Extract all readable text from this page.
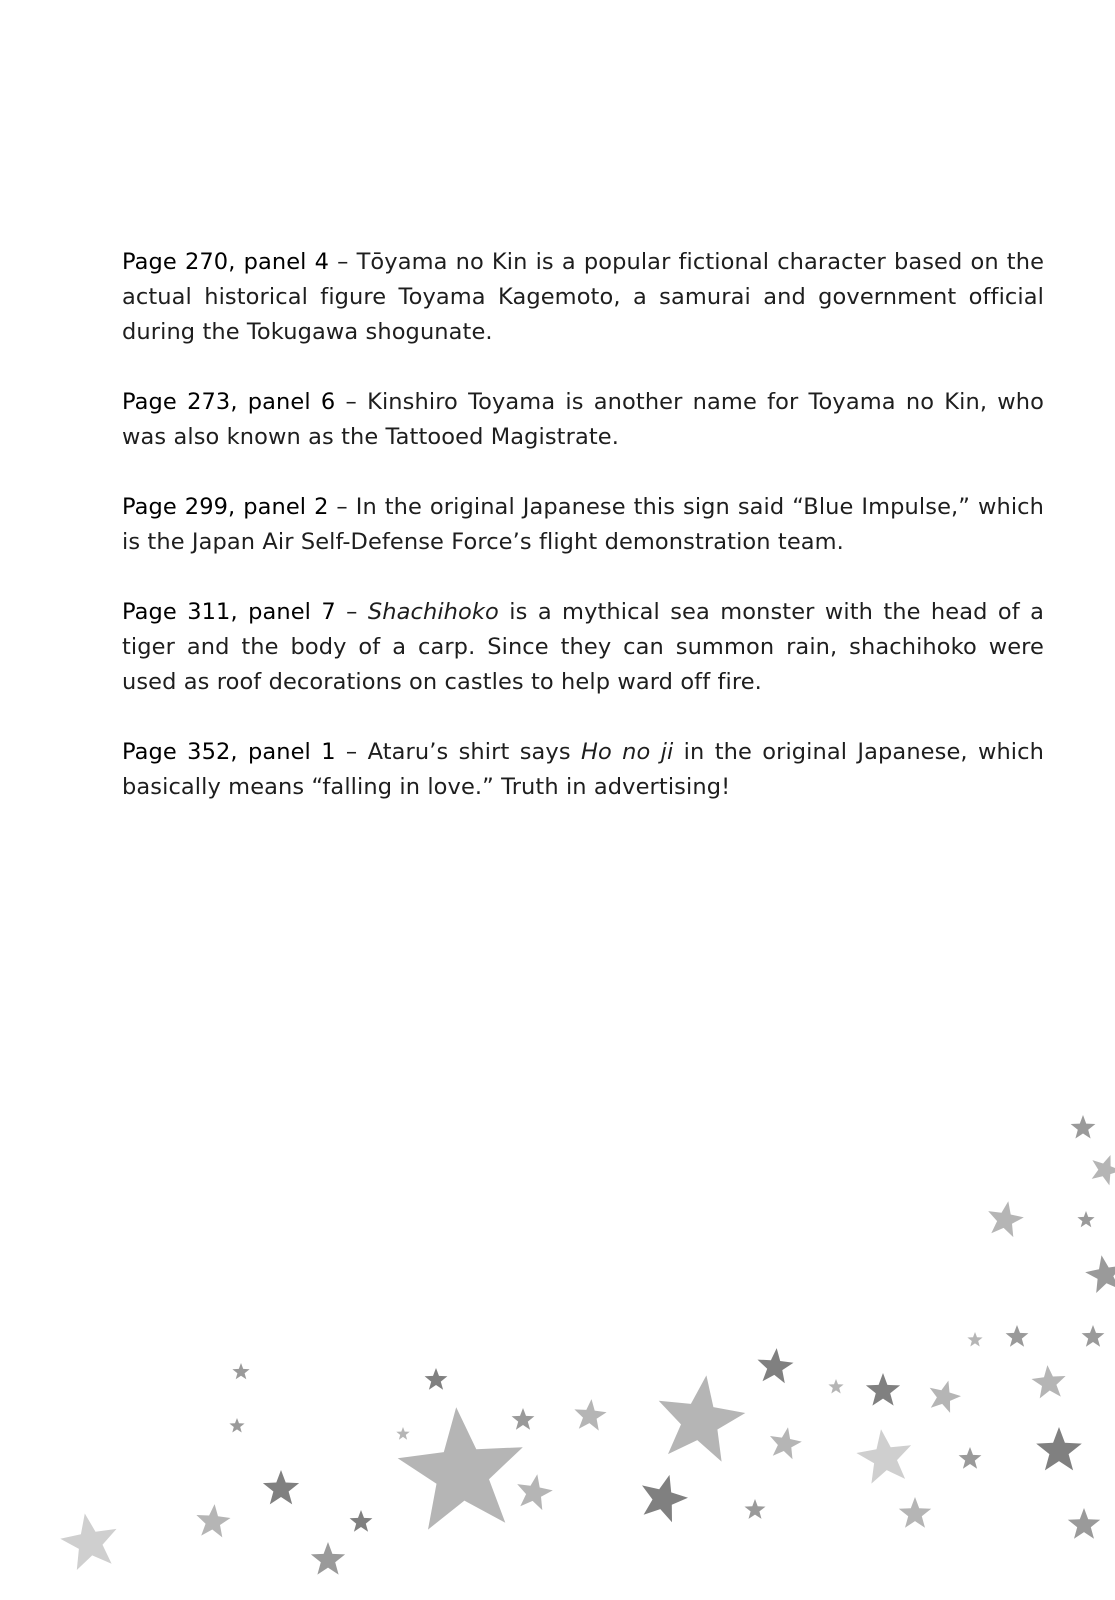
Page 270, panel 4 – Tōyama no Kin is a popular fictional character based on the actual historical figure Toyama Kagemoto, a samurai and government official during the Tokugawa shogunate.

Page 273, panel 6 – Kinshiro Toyama is another name for Toyama no Kin, who was also known as the Tattooed Magistrate.

Page 299, panel 2 – In the original Japanese this sign said “Blue Impulse,” which is the Japan Air Self-Defense Force’s flight demonstration team.

Page 311, panel 7 – Shachihoko is a mythical sea monster with the head of a tiger and the body of a carp. Since they can summon rain, shachihoko were used as roof decorations on castles to help ward off fire.

Page 352, panel 1 – Ataru’s shirt says Ho no ji in the original Japanese, which basically means “falling in love.” Truth in advertising!
